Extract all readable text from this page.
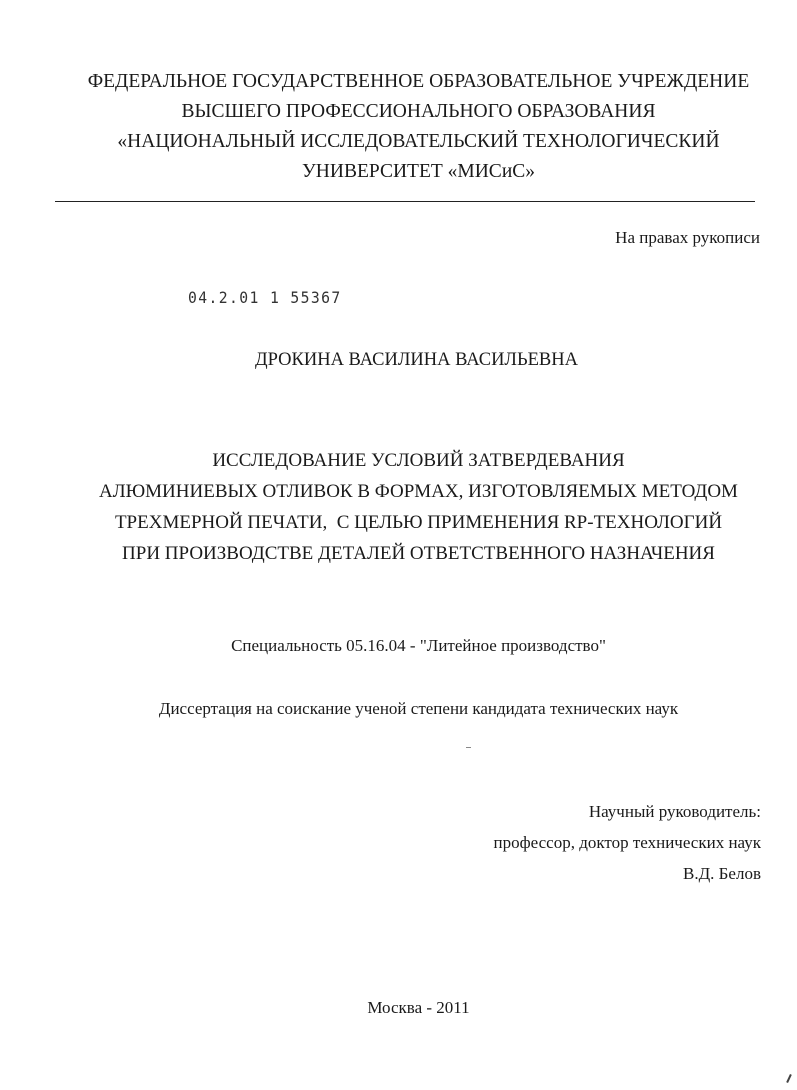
ФЕДЕРАЛЬНОЕ ГОСУДАРСТВЕННОЕ ОБРАЗОВАТЕЛЬНОЕ УЧРЕЖДЕНИЕ
ВЫСШЕГО ПРОФЕССИОНАЛЬНОГО ОБРАЗОВАНИЯ
«НАЦИОНАЛЬНЫЙ ИССЛЕДОВАТЕЛЬСКИЙ ТЕХНОЛОГИЧЕСКИЙ
УНИВЕРСИТЕТ «МИСиС»
На правах рукописи
04.2.01 1 55367
ДРОКИНА ВАСИЛИНА ВАСИЛЬЕВНА
ИССЛЕДОВАНИЕ УСЛОВИЙ ЗАТВЕРДЕВАНИЯ
АЛЮМИНИЕВЫХ ОТЛИВОК В ФОРМАХ, ИЗГОТОВЛЯЕМЫХ МЕТОДОМ
ТРЕХМЕРНОЙ ПЕЧАТИ,  С ЦЕЛЬЮ ПРИМЕНЕНИЯ RP-ТЕХНОЛОГИЙ
ПРИ ПРОИЗВОДСТВЕ ДЕТАЛЕЙ ОТВЕТСТВЕННОГО НАЗНАЧЕНИЯ
Специальность 05.16.04 - "Литейное производство"
Диссертация на соискание ученой степени кандидата технических наук
Научный руководитель:
профессор, доктор технических наук
В.Д. Белов
Москва - 2011
